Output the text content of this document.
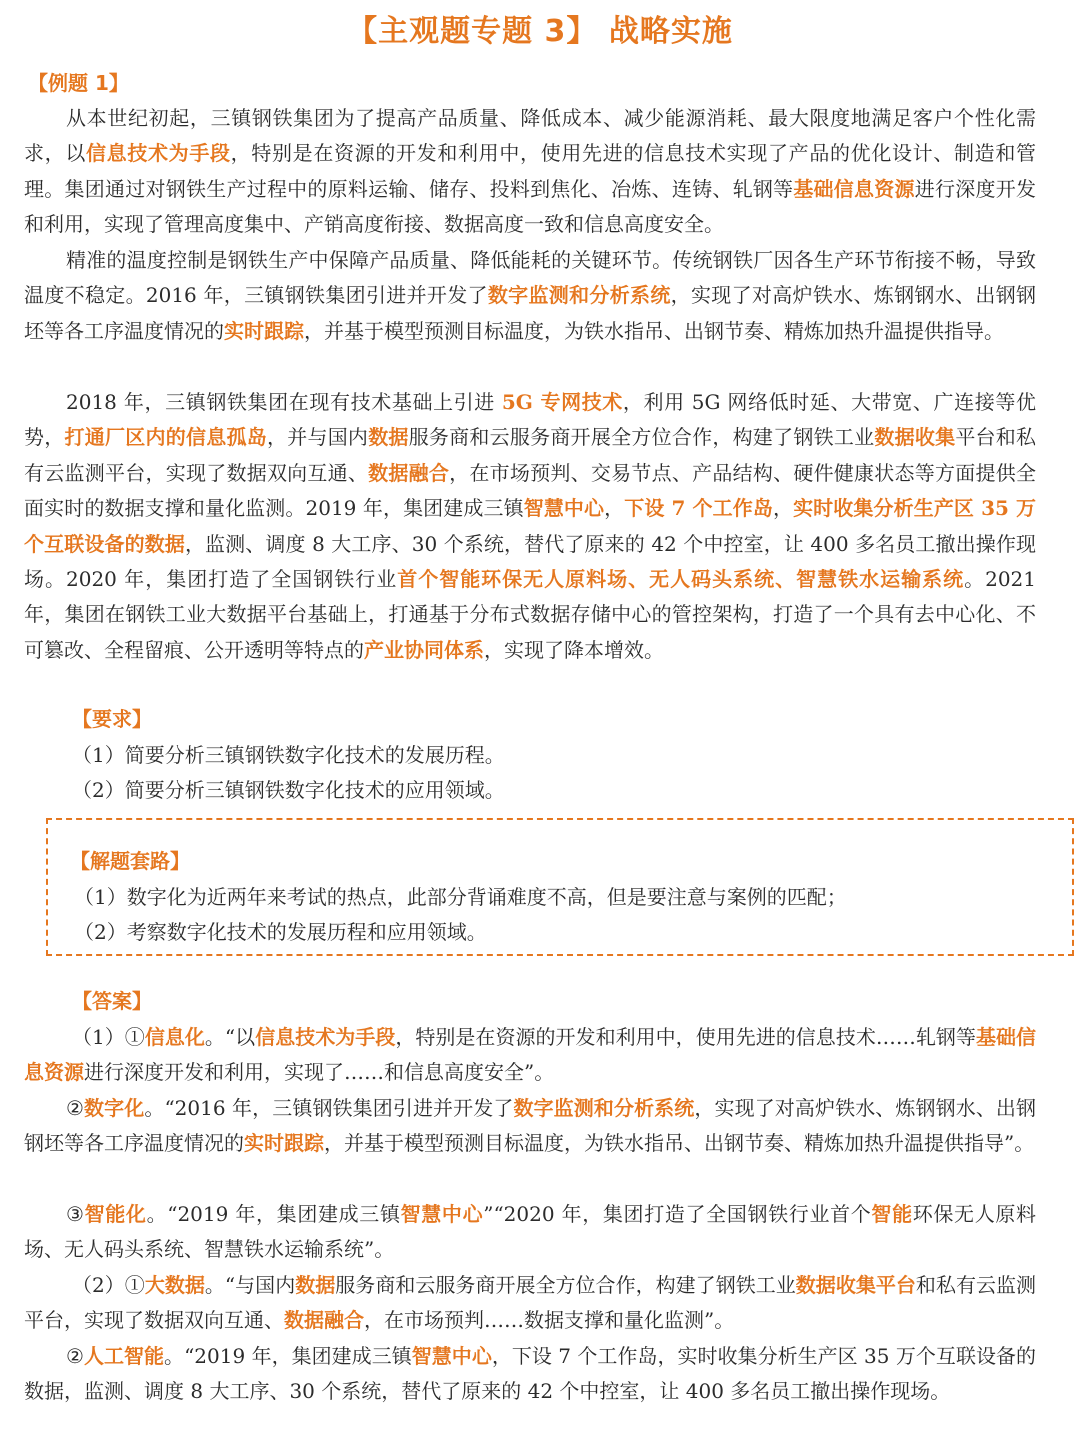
【主观题专题 3】 战略实施
【例题 1】
从本世纪初起，三镇钢铁集团为了提高产品质量、降低成本、减少能源消耗、最大限度地满足客户个性化需求，以信息技术为手段，特别是在资源的开发和利用中，使用先进的信息技术实现了产品的优化设计、制造和管理。集团通过对钢铁生产过程中的原料运输、储存、投料到焦化、冶炼、连铸、轧钢等基础信息资源进行深度开发和利用，实现了管理高度集中、产销高度衔接、数据高度一致和信息高度安全。
精准的温度控制是钢铁生产中保障产品质量、降低能耗的关键环节。传统钢铁厂因各生产环节衔接不畅，导致温度不稳定。2016 年，三镇钢铁集团引进并开发了数字监测和分析系统，实现了对高炉铁水、炼钢钢水、出钢钢坯等各工序温度情况的实时跟踪，并基于模型预测目标温度，为铁水指吊、出钢节奏、精炼加热升温提供指导。
2018 年，三镇钢铁集团在现有技术基础上引进 5G 专网技术，利用 5G 网络低时延、大带宽、广连接等优势，打通厂区内的信息孤岛，并与国内数据服务商和云服务商开展全方位合作，构建了钢铁工业数据收集平台和私有云监测平台，实现了数据双向互通、数据融合，在市场预判、交易节点、产品结构、硬件健康状态等方面提供全面实时的数据支撑和量化监测。2019 年，集团建成三镇智慧中心，下设 7 个工作岛，实时收集分析生产区 35 万个互联设备的数据，监测、调度 8 大工序、30 个系统，替代了原来的 42 个中控室，让 400 多名员工撤出操作现场。2020 年，集团打造了全国钢铁行业首个智能环保无人原料场、无人码头系统、智慧铁水运输系统。2021 年，集团在钢铁工业大数据平台基础上，打通基于分布式数据存储中心的管控架构，打造了一个具有去中心化、不可篡改、全程留痕、公开透明等特点的产业协同体系，实现了降本增效。
【要求】
（1）简要分析三镇钢铁数字化技术的发展历程。
（2）简要分析三镇钢铁数字化技术的应用领域。
【解题套路】
（1）数字化为近两年来考试的热点，此部分背诵难度不高，但是要注意与案例的匹配；
（2）考察数字化技术的发展历程和应用领域。
【答案】
（1）①信息化。“以信息技术为手段，特别是在资源的开发和利用中，使用先进的信息技术……轧钢等基础信息资源进行深度开发和利用，实现了……和信息高度安全”。
②数字化。“2016 年，三镇钢铁集团引进并开发了数字监测和分析系统，实现了对高炉铁水、炼钢钢水、出钢钢坯等各工序温度情况的实时跟踪，并基于模型预测目标温度，为铁水指吊、出钢节奏、精炼加热升温提供指导”。
③智能化。“2019 年，集团建成三镇智慧中心”“2020 年，集团打造了全国钢铁行业首个智能环保无人原料场、无人码头系统、智慧铁水运输系统”。
（2）①大数据。“与国内数据服务商和云服务商开展全方位合作，构建了钢铁工业数据收集平台和私有云监测平台，实现了数据双向互通、数据融合，在市场预判……数据支撑和量化监测”。
②人工智能。“2019 年，集团建成三镇智慧中心，下设 7 个工作岛，实时收集分析生产区 35 万个互联设备的数据，监测、调度 8 大工序、30 个系统，替代了原来的 42 个中控室，让 400 多名员工撤出操作现场。
